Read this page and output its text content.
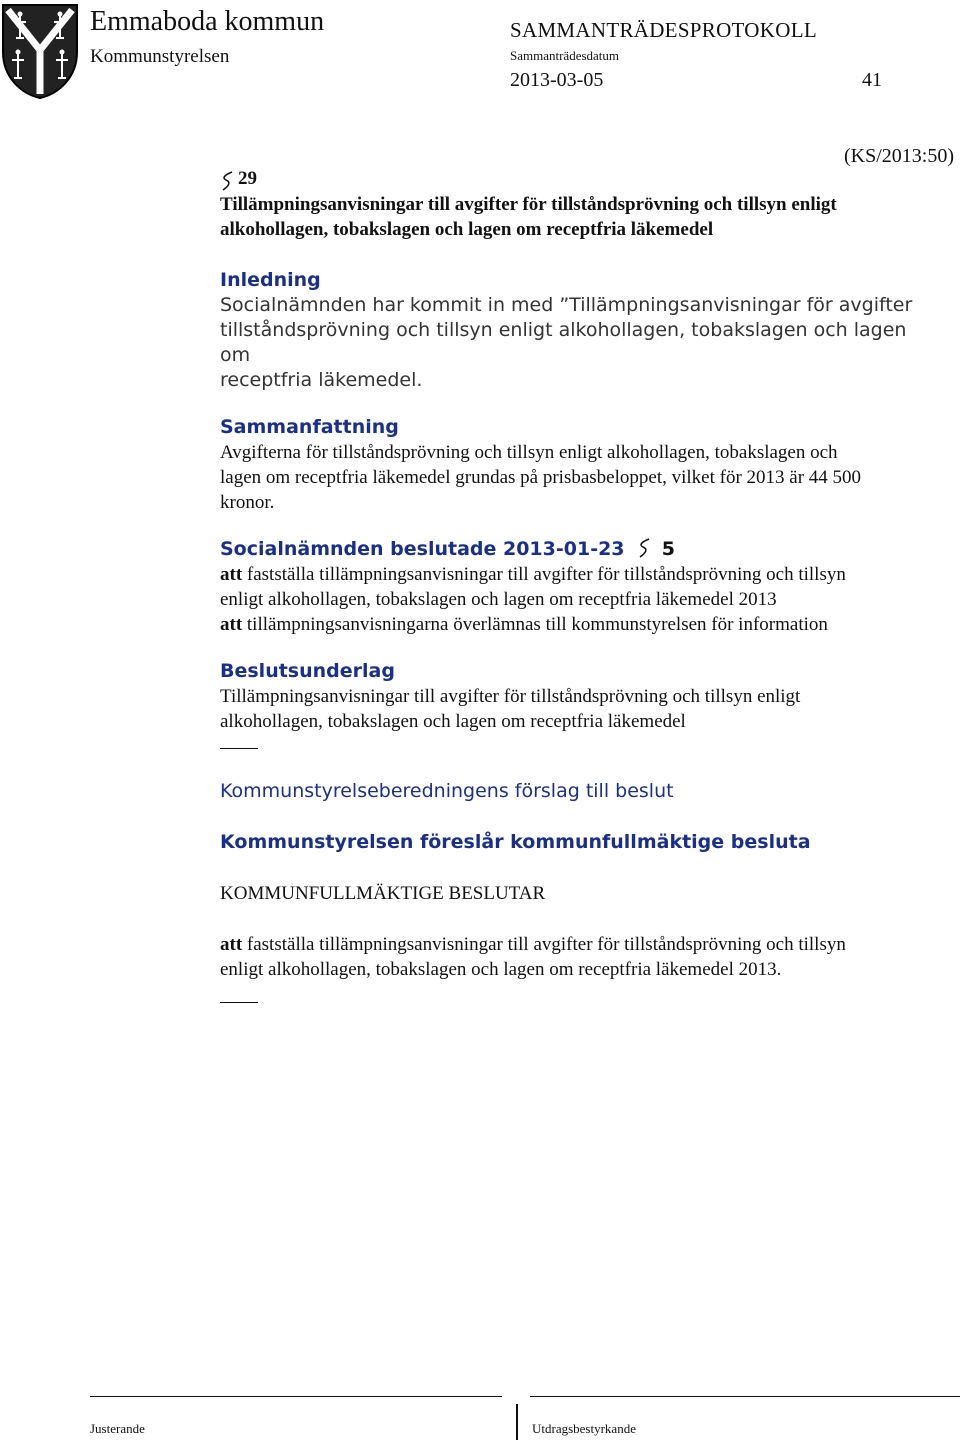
Emmaboda kommun
Kommunstyrelsen
SAMMANTRÄDESPROTOKOLL
Sammanträdesdatum
2013-03-05	41
(KS/2013:50)
29

Tillämpningsanvisningar till avgifter för tillståndsprövning och tillsyn enligt

alkohollagen, tobakslagen och lagen om receptfria läkemedel

Inledning

Socialnämnden har kommit in med ”Tillämpningsanvisningar för avgifter

tillståndsprövning och tillsyn enligt alkohollagen, tobakslagen och lagen om

receptfria läkemedel.

Sammanfattning

Avgifterna för tillståndsprövning och tillsyn enligt alkohollagen, tobakslagen och

lagen om receptfria läkemedel grundas på prisbasbeloppet, vilket för 2013 är 44 500

kronor.

Socialnämnden beslutade 2013-01-23 5

att fastställa tillämpningsanvisningar till avgifter för tillståndsprövning och tillsyn

enligt alkohollagen, tobakslagen och lagen om receptfria läkemedel 2013

att tillämpningsanvisningarna överlämnas till kommunstyrelsen för information

Beslutsunderlag

Tillämpningsanvisningar till avgifter för tillståndsprövning och tillsyn enligt

alkohollagen, tobakslagen och lagen om receptfria läkemedel

Kommunstyrelseberedningens förslag till beslut

Kommunstyrelsen föreslår kommunfullmäktige besluta

KOMMUNFULLMÄKTIGE BESLUTAR

att fastställa tillämpningsanvisningar till avgifter för tillståndsprövning och tillsyn

enligt alkohollagen, tobakslagen och lagen om receptfria läkemedel 2013.

Justerande	Utdragsbestyrkande
